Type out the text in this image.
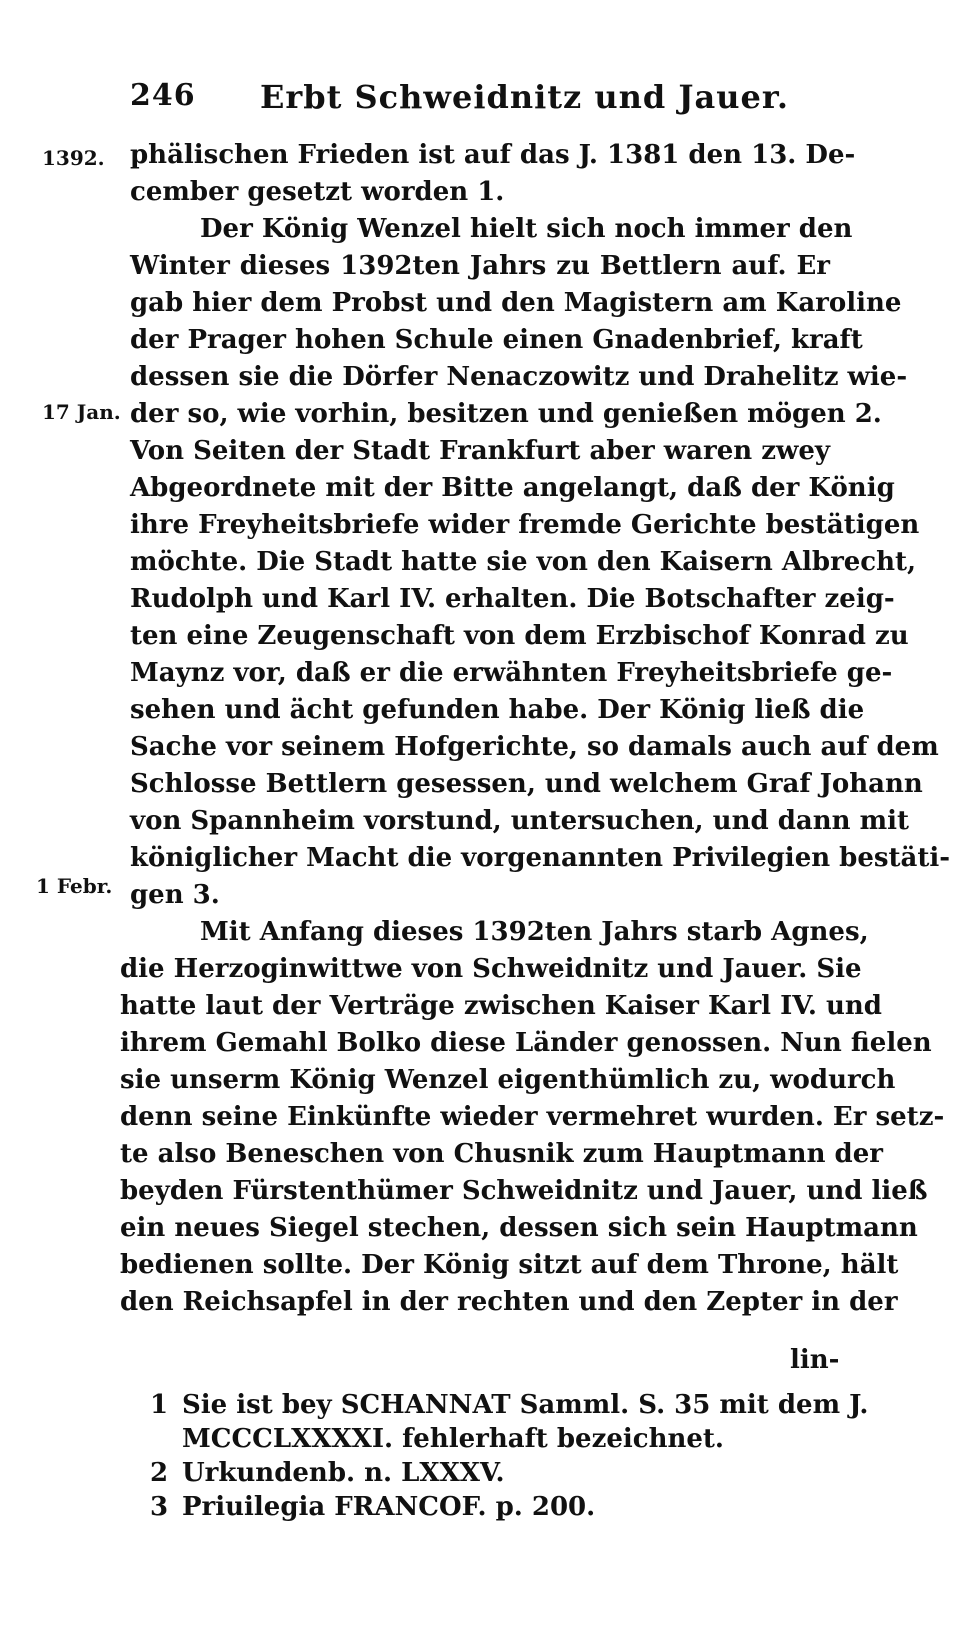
246 Erbt Schweidnitz und Jauer.
1392.
17 Jan.
1 Febr.
phälischen Frieden ist auf das J. 1381 den 13. De-
cember gesetzt worden 1.
Der König Wenzel hielt sich noch immer den
Winter dieses 1392ten Jahrs zu Bettlern auf. Er
gab hier dem Probst und den Magistern am Karoline
der Prager hohen Schule einen Gnadenbrief, kraft
dessen sie die Dörfer Nenaczowitz und Drahelitz wie-
der so, wie vorhin, besitzen und genießen mögen 2.
Von Seiten der Stadt Frankfurt aber waren zwey
Abgeordnete mit der Bitte angelangt, daß der König
ihre Freyheitsbriefe wider fremde Gerichte bestätigen
möchte. Die Stadt hatte sie von den Kaisern Albrecht,
Rudolph und Karl IV. erhalten. Die Botschafter zeig-
ten eine Zeugenschaft von dem Erzbischof Konrad zu
Maynz vor, daß er die erwähnten Freyheitsbriefe ge-
sehen und ächt gefunden habe. Der König ließ die
Sache vor seinem Hofgerichte, so damals auch auf dem
Schlosse Bettlern gesessen, und welchem Graf Johann
von Spannheim vorstund, untersuchen, und dann mit
königlicher Macht die vorgenannten Privilegien bestäti-
gen 3.
Mit Anfang dieses 1392ten Jahrs starb Agnes,
die Herzoginwittwe von Schweidnitz und Jauer. Sie
hatte laut der Verträge zwischen Kaiser Karl IV. und
ihrem Gemahl Bolko diese Länder genossen. Nun fielen
sie unserm König Wenzel eigenthümlich zu, wodurch
denn seine Einkünfte wieder vermehret wurden. Er setz-
te also Beneschen von Chusnik zum Hauptmann der
beyden Fürstenthümer Schweidnitz und Jauer, und ließ
ein neues Siegel stechen, dessen sich sein Hauptmann
bedienen sollte. Der König sitzt auf dem Throne, hält
den Reichsapfel in der rechten und den Zepter in der
lin-
1 Sie ist bey SCHANNAT Samml. S. 35 mit dem J.
MCCCLXXXXI. fehlerhaft bezeichnet.
2 Urkundenb. n. LXXXV.
3 Priuilegia FRANCOF. p. 200.
